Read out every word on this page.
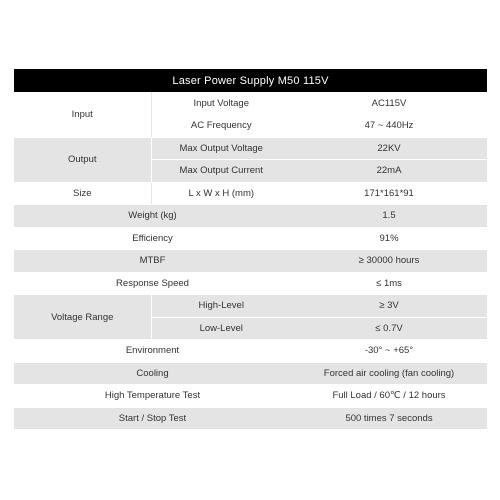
Laser Power Supply M50 115V		
Input	Input Voltage	AC115V
	AC Frequency	47 ~ 440Hz
Output	Max Output Voltage	22KV
	Max Output Current	22mA
Size	L x W x H (mm)	171*161*91
Weight (kg)		1.5
Efficiency		91%
MTBF		≥ 30000 hours
Response Speed		≤ 1ms
Voltage Range	High-Level	≥ 3V
	Low-Level	≤ 0.7V
Environment		-30° ~ +65°
Cooling		Forced air cooling (fan cooling)
High Temperature Test		Full Load / 60℃ / 12 hours
Start / Stop Test		500 times 7 seconds
